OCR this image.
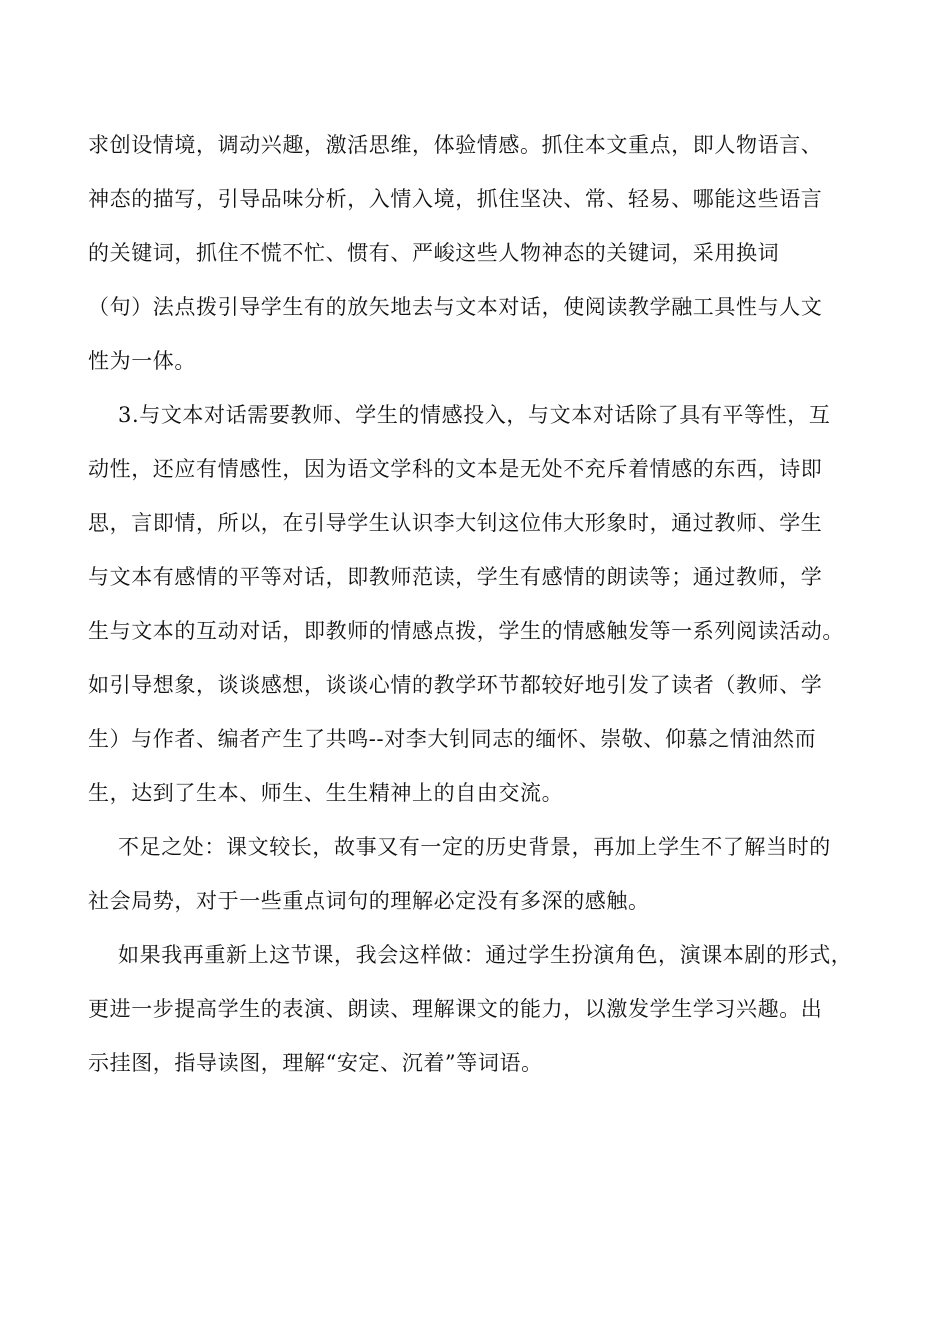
求创设情境，调动兴趣，激活思维，体验情感。抓住本文重点，即人物语言、
神态的描写，引导品味分析，入情入境，抓住坚决、常、轻易、哪能这些语言
的关键词，抓住不慌不忙、惯有、严峻这些人物神态的关键词，采用换词
（句）法点拨引导学生有的放矢地去与文本对话，使阅读教学融工具性与人文
性为一体。
3.与文本对话需要教师、学生的情感投入，与文本对话除了具有平等性，互
动性，还应有情感性，因为语文学科的文本是无处不充斥着情感的东西，诗即
思，言即情，所以，在引导学生认识李大钊这位伟大形象时，通过教师、学生
与文本有感情的平等对话，即教师范读，学生有感情的朗读等；通过教师，学
生与文本的互动对话，即教师的情感点拨，学生的情感触发等一系列阅读活动。
如引导想象，谈谈感想，谈谈心情的教学环节都较好地引发了读者（教师、学
生）与作者、编者产生了共鸣--对李大钊同志的缅怀、崇敬、仰慕之情油然而
生，达到了生本、师生、生生精神上的自由交流。
不足之处：课文较长，故事又有一定的历史背景，再加上学生不了解当时的
社会局势，对于一些重点词句的理解必定没有多深的感触。
如果我再重新上这节课，我会这样做：通过学生扮演角色，演课本剧的形式，
更进一步提高学生的表演、朗读、理解课文的能力，以激发学生学习兴趣。出
示挂图，指导读图，理解“安定、沉着”等词语。
